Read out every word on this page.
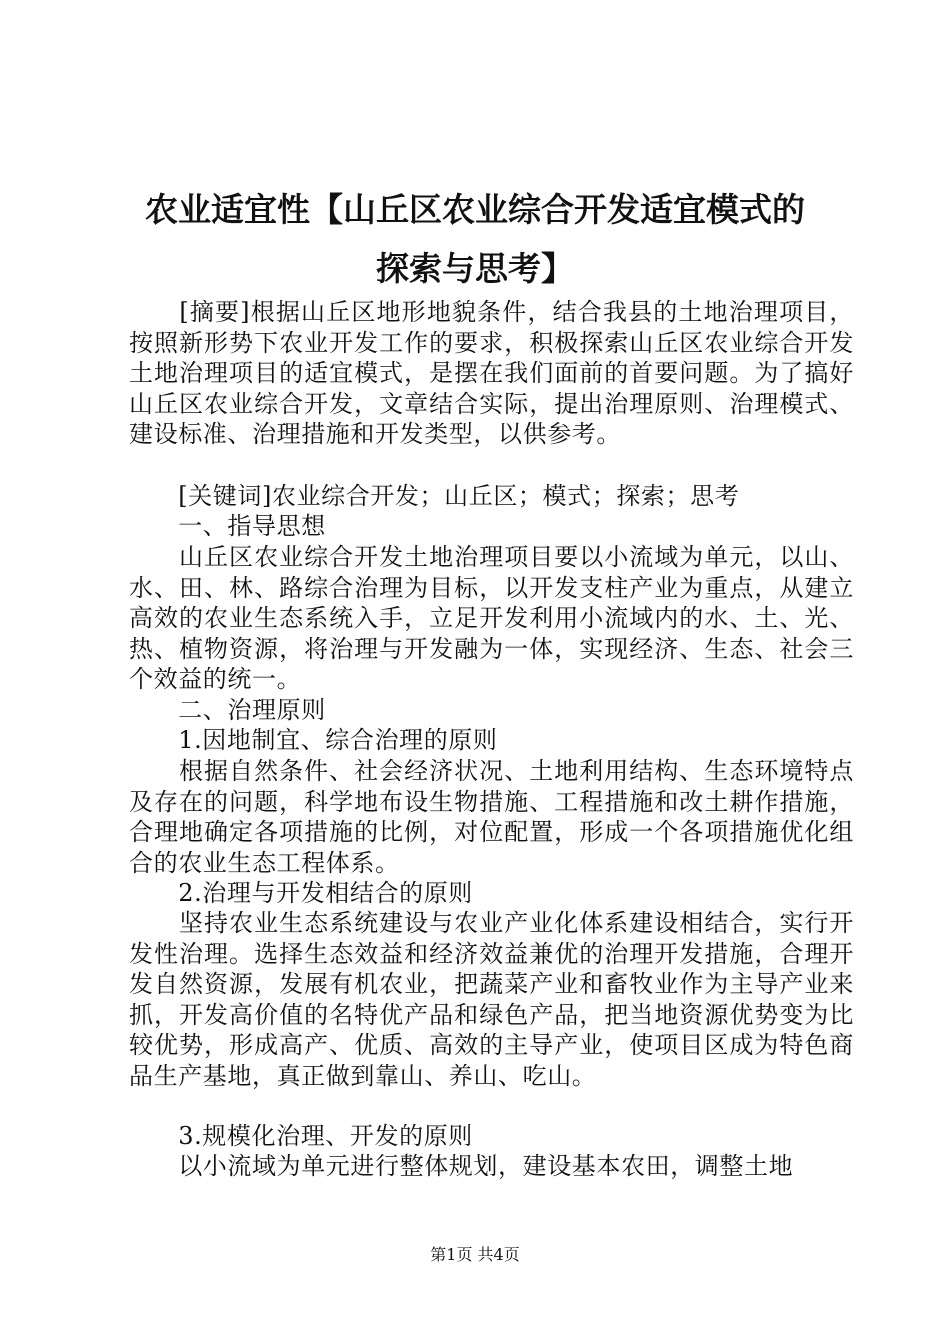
农业适宜性【山丘区农业综合开发适宜模式的
探索与思考】

　　[摘要]根据山丘区地形地貌条件，结合我县的土地治理项目，按照新形势下农业开发工作的要求，积极探索山丘区农业综合开发土地治理项目的适宜模式，是摆在我们面前的首要问题。为了搞好山丘区农业综合开发，文章结合实际，提出治理原则、治理模式、建设标准、治理措施和开发类型，以供参考。

　　[关键词]农业综合开发；山丘区；模式；探索；思考

　　一、指导思想

　　山丘区农业综合开发土地治理项目要以小流域为单元，以山、水、田、林、路综合治理为目标，以开发支柱产业为重点，从建立高效的农业生态系统入手，立足开发利用小流域内的水、土、光、热、植物资源，将治理与开发融为一体，实现经济、生态、社会三个效益的统一。

　　二、治理原则

　　1.因地制宜、综合治理的原则

　　根据自然条件、社会经济状况、土地利用结构、生态环境特点及存在的问题，科学地布设生物措施、工程措施和改土耕作措施，合理地确定各项措施的比例，对位配置，形成一个各项措施优化组合的农业生态工程体系。

　　2.治理与开发相结合的原则

　　坚持农业生态系统建设与农业产业化体系建设相结合，实行开发性治理。选择生态效益和经济效益兼优的治理开发措施，合理开发自然资源，发展有机农业，把蔬菜产业和畜牧业作为主导产业来抓，开发高价值的名特优产品和绿色产品，把当地资源优势变为比较优势，形成高产、优质、高效的主导产业，使项目区成为特色商品生产基地，真正做到靠山、养山、吃山。

　　3.规模化治理、开发的原则

　　以小流域为单元进行整体规划，建设基本农田，调整土地

第1页 共4页
